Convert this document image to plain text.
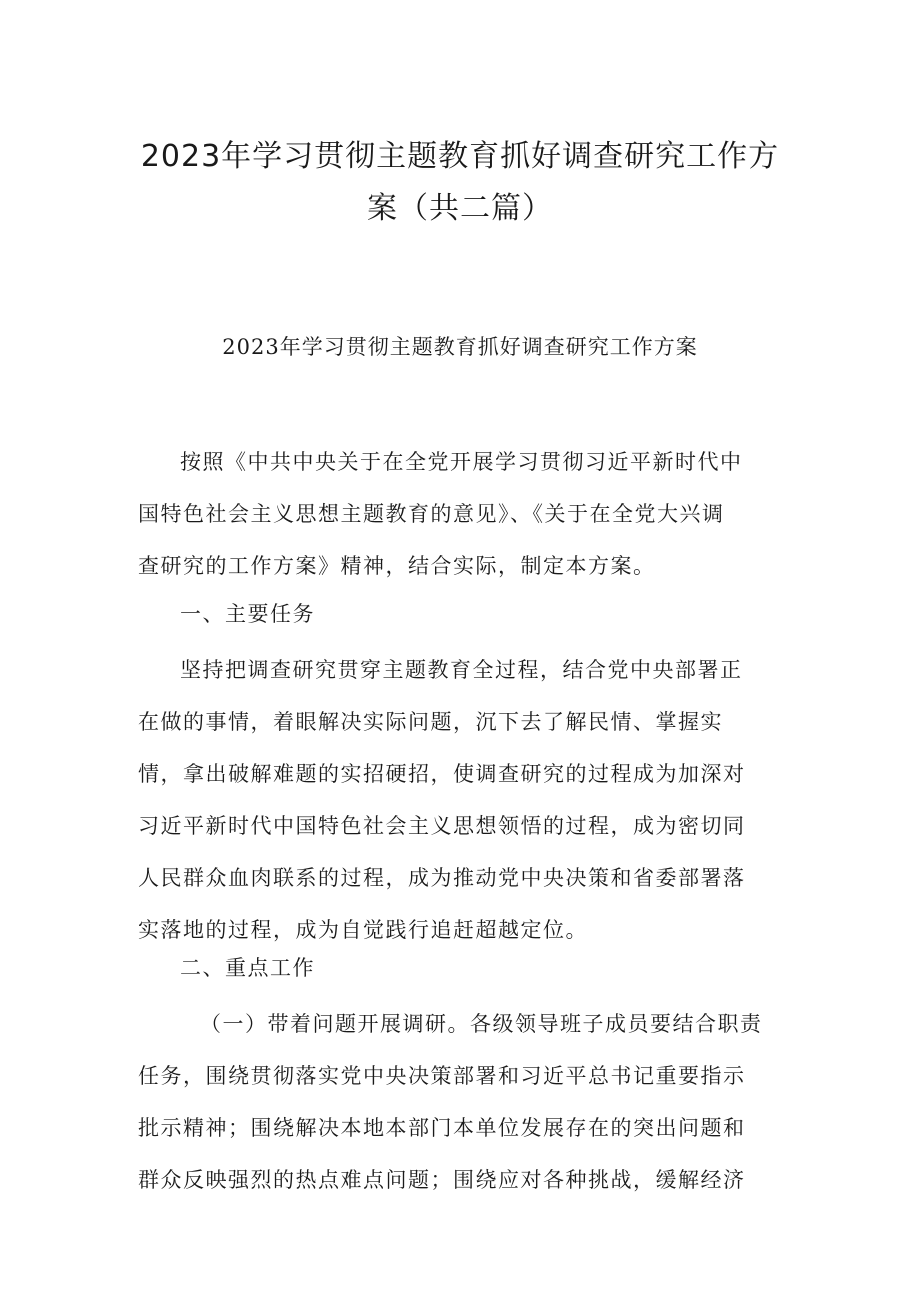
2023年学习贯彻主题教育抓好调查研究工作方
案（共二篇）
2023年学习贯彻主题教育抓好调查研究工作方案
按照《中共中央关于在全党开展学习贯彻习近平新时代中
国特色社会主义思想主题教育的意见》、《关于在全党大兴调
查研究的工作方案》精神，结合实际，制定本方案。
一、主要任务
坚持把调查研究贯穿主题教育全过程，结合党中央部署正
在做的事情，着眼解决实际问题，沉下去了解民情、掌握实
情，拿出破解难题的实招硬招，使调查研究的过程成为加深对
习近平新时代中国特色社会主义思想领悟的过程，成为密切同
人民群众血肉联系的过程，成为推动党中央决策和省委部署落
实落地的过程，成为自觉践行追赶超越定位。
二、重点工作
（一）带着问题开展调研。各级领导班子成员要结合职责
任务，围绕贯彻落实党中央决策部署和习近平总书记重要指示
批示精神；围绕解决本地本部门本单位发展存在的突出问题和
群众反映强烈的热点难点问题；围绕应对各种挑战，缓解经济
